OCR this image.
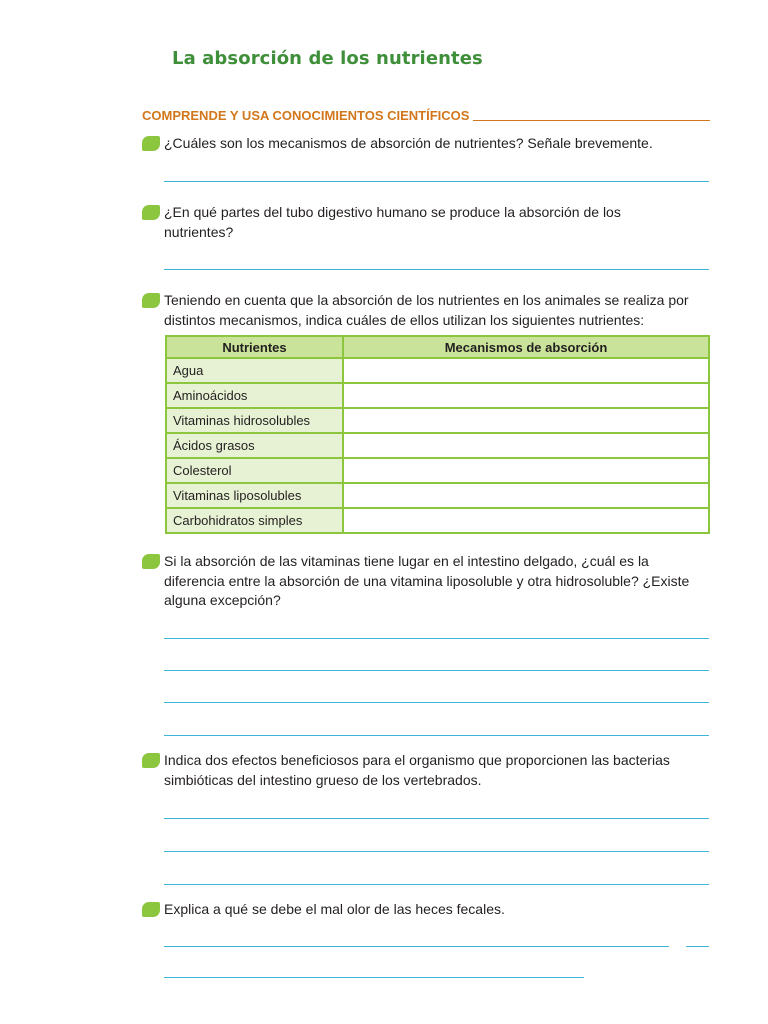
La absorción de los nutrientes
COMPRENDE Y USA CONOCIMIENTOS CIENTÍFICOS
¿Cuáles son los mecanismos de absorción de nutrientes? Señale brevemente.
¿En qué partes del tubo digestivo humano se produce la absorción de los nutrientes?
Teniendo en cuenta que la absorción de los nutrientes en los animales se realiza por distintos mecanismos, indica cuáles de ellos utilizan los siguientes nutrientes:
Nutrientes	Mecanismos de absorción
Agua	
Aminoácidos	
Vitaminas hidrosolubles	
Ácidos grasos	
Colesterol	
Vitaminas liposolubles	
Carbohidratos simples	
Si la absorción de las vitaminas tiene lugar en el intestino delgado, ¿cuál es la diferencia entre la absorción de una vitamina liposoluble y otra hidrosoluble? ¿Existe alguna excepción?
Indica dos efectos beneficiosos para el organismo que proporcionen las bacterias simbióticas del intestino grueso de los vertebrados.
Explica a qué se debe el mal olor de las heces fecales.
